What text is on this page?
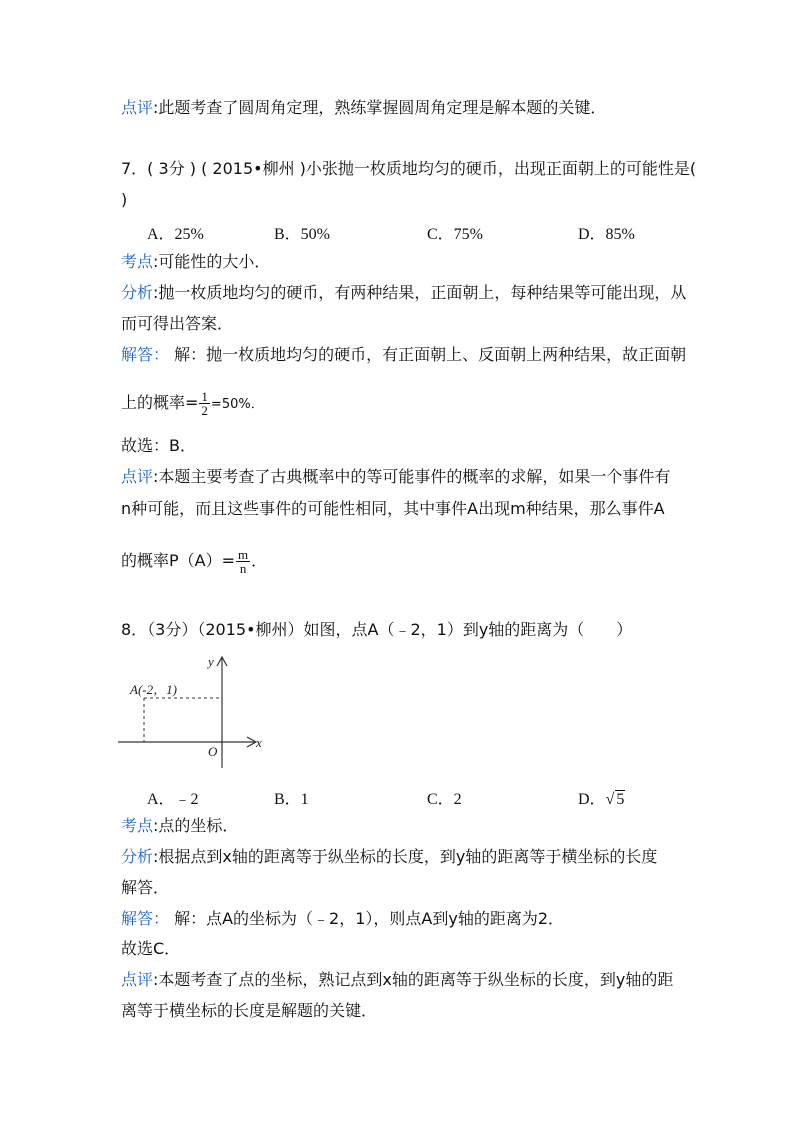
点评:此题考查了圆周角定理，熟练掌握圆周角定理是解本题的关键．
7．( 3分 ) ( 2015•柳州 )小张抛一枚质地均匀的硬币，出现正面朝上的可能性是(
)
A．25%	B．50%	C．75%	D．85%
考点:可能性的大小．
分析:抛一枚质地均匀的硬币，有两种结果，正面朝上，每种结果等可能出现，从
而可得出答案．
解答： 解：抛一枚质地均匀的硬币，有正面朝上、反面朝上两种结果，故正面朝
上的概率= $\frac{1}{2} =50\%$．
故选：B．
点评:本题主要考查了古典概率中的等可能事件的概率的求解，如果一个事件有
n种可能，而且这些事件的可能性相同，其中事件A出现m种结果，那么事件A
的概率$P(A)= \frac{m}{n}$ ．
8．（3分）（2015•柳州）如图，点A（﹣2，1）到y轴的距离为（　　）
A(-2，1)
O
x
y
A．﹣2	B．1	C．2	D．√ 5
考点:点的坐标．
分析:根据点到x轴的距离等于纵坐标的长度，到y轴的距离等于横坐标的长度
解答．
解答： 解：点A的坐标为（﹣2，1），则点A到y轴的距离为2．
故选C．
点评:本题考查了点的坐标，熟记点到x轴的距离等于纵坐标的长度，到y轴的距
离等于横坐标的长度是解题的关键．
